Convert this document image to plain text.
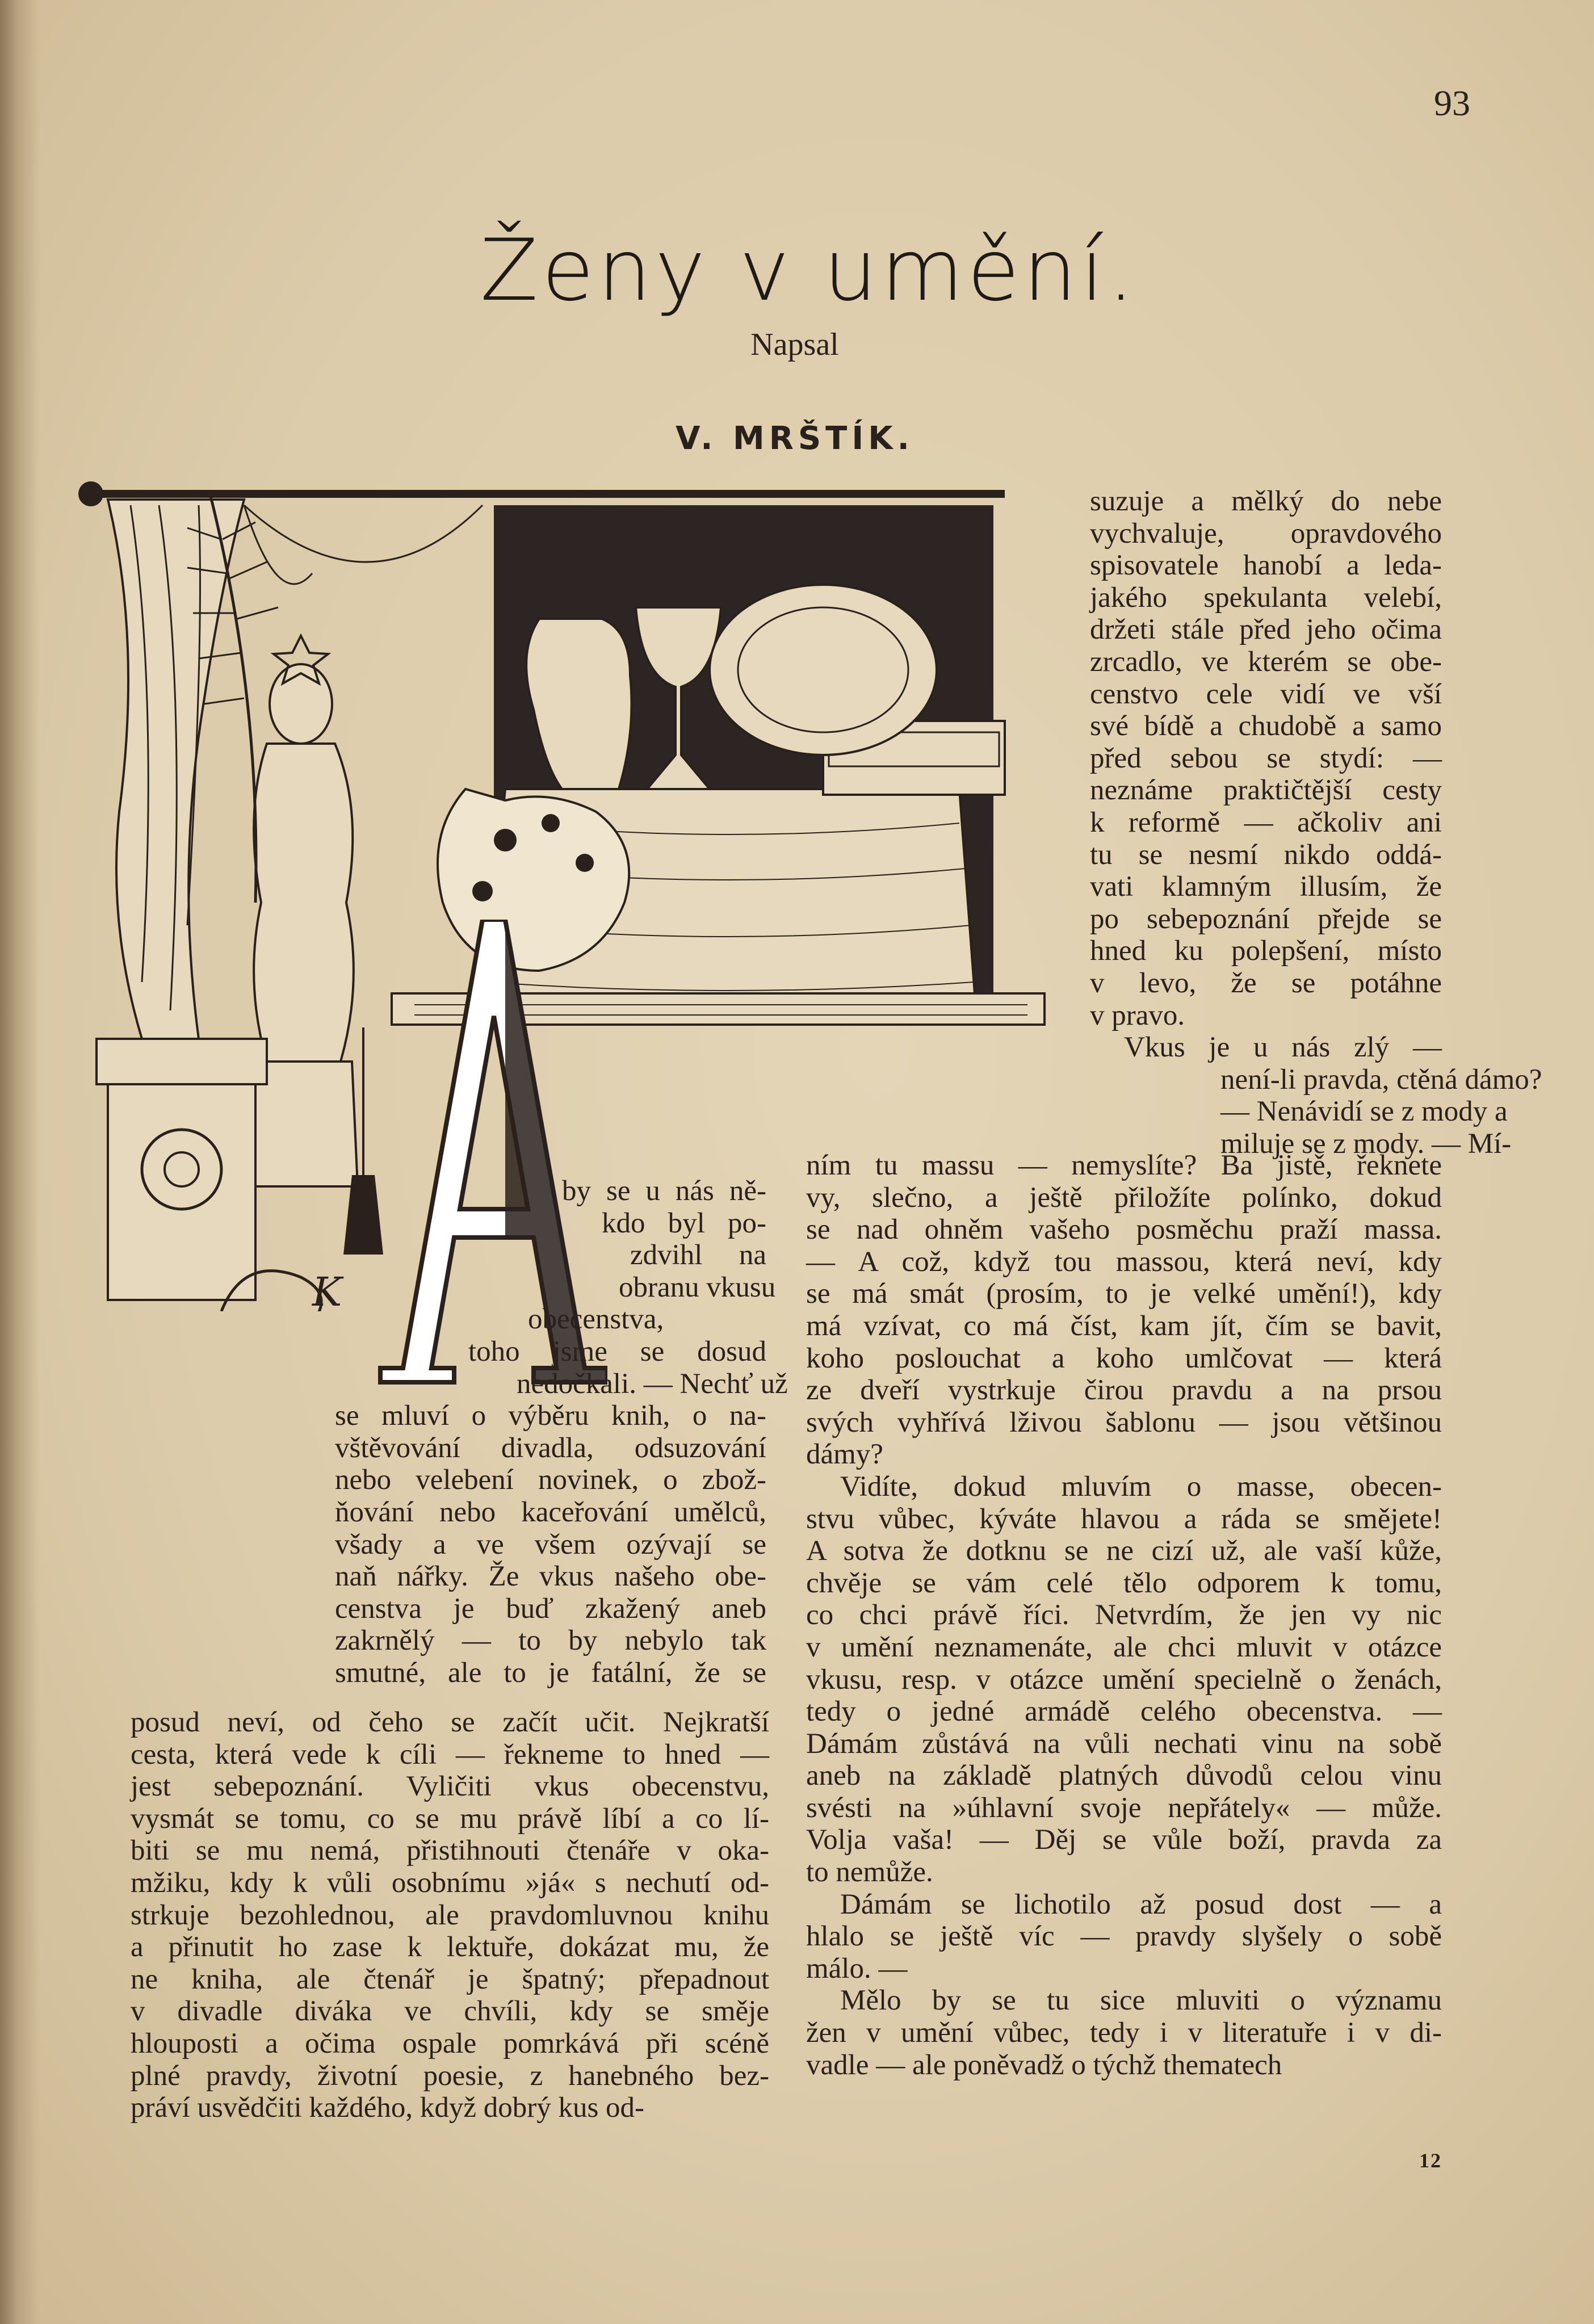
93
Ženy v umění.
Napsal
V. MRŠTÍK.
K
A
suzuje a mělký do nebe
vychvaluje, opravdového
spisovatele hanobí a leda-
jakého spekulanta velebí,
držeti stále před jeho očima
zrcadlo, ve kterém se obe-
censtvo cele vidí ve vší
své bídě a chudobě a samo
před sebou se stydí: —
neznáme praktičtější cesty
k reformě — ačkoliv ani
tu se nesmí nikdo oddá-
vati klamným illusím, že
po sebepoznání přejde se
hned ku polepšení, místo
v levo, že se potáhne
v pravo.
Vkus je u nás zlý —
není-li pravda, ctěná dámo?
— Nenávidí se z mody a
miluje se z mody. — Mí-
ním tu massu — nemyslíte? Ba jistě, řeknete
vy, slečno, a ještě přiložíte polínko, dokud
se nad ohněm vašeho posměchu praží massa.
— A což, když tou massou, která neví, kdy
se má smát (prosím, to je velké umění!), kdy
má vzívat, co má číst, kam jít, čím se bavit,
koho poslouchat a koho umlčovat — která
ze dveří vystrkuje čirou pravdu a na prsou
svých vyhřívá lživou šablonu — jsou většinou
dámy?
Vidíte, dokud mluvím o masse, obecen-
stvu vůbec, kýváte hlavou a ráda se smějete!
A sotva že dotknu se ne cizí už, ale vaší kůže,
chvěje se vám celé tělo odporem k tomu,
co chci právě říci. Netvrdím, že jen vy nic
v umění neznamenáte, ale chci mluvit v otázce
vkusu, resp. v otázce umění specielně o ženách,
tedy o jedné armádě celého obecenstva. —
Dámám zůstává na vůli nechati vinu na sobě
aneb na základě platných důvodů celou vinu
svésti na »úhlavní svoje nepřátely« — může.
Volja vaša! — Děj se vůle boží, pravda za
to nemůže.
Dámám se lichotilo až posud dost — a
hlalo se ještě víc — pravdy slyšely o sobě
málo. —
Mělo by se tu sice mluviti o významu
žen v umění vůbec, tedy i v literatuře i v di-
vadle — ale poněvadž o týchž thematech
by se u nás ně-
kdo byl po-
zdvihl na
obranu vkusu
obecenstva,
toho jsme se dosud
nedočkali. — Nechť už
se mluví o výběru knih, o na-
vštěvování divadla, odsuzování
nebo velebení novinek, o zbož-
ňování nebo kaceřování umělců,
všady a ve všem ozývají se
naň nářky. Že vkus našeho obe-
censtva je buď zkažený aneb
zakrnělý — to by nebylo tak
smutné, ale to je fatální, že se
posud neví, od čeho se začít učit. Nejkratší
cesta, která vede k cíli — řekneme to hned —
jest sebepoznání. Vyličiti vkus obecenstvu,
vysmát se tomu, co se mu právě líbí a co lí-
biti se mu nemá, přistihnouti čtenáře v oka-
mžiku, kdy k vůli osobnímu »já« s nechutí od-
strkuje bezohlednou, ale pravdomluvnou knihu
a přinutit ho zase k lektuře, dokázat mu, že
ne kniha, ale čtenář je špatný; přepadnout
v divadle diváka ve chvíli, kdy se směje
hlouposti a očima ospale pomrkává při scéně
plné pravdy, životní poesie, z hanebného bez-
práví usvědčiti každého, když dobrý kus od-
12
